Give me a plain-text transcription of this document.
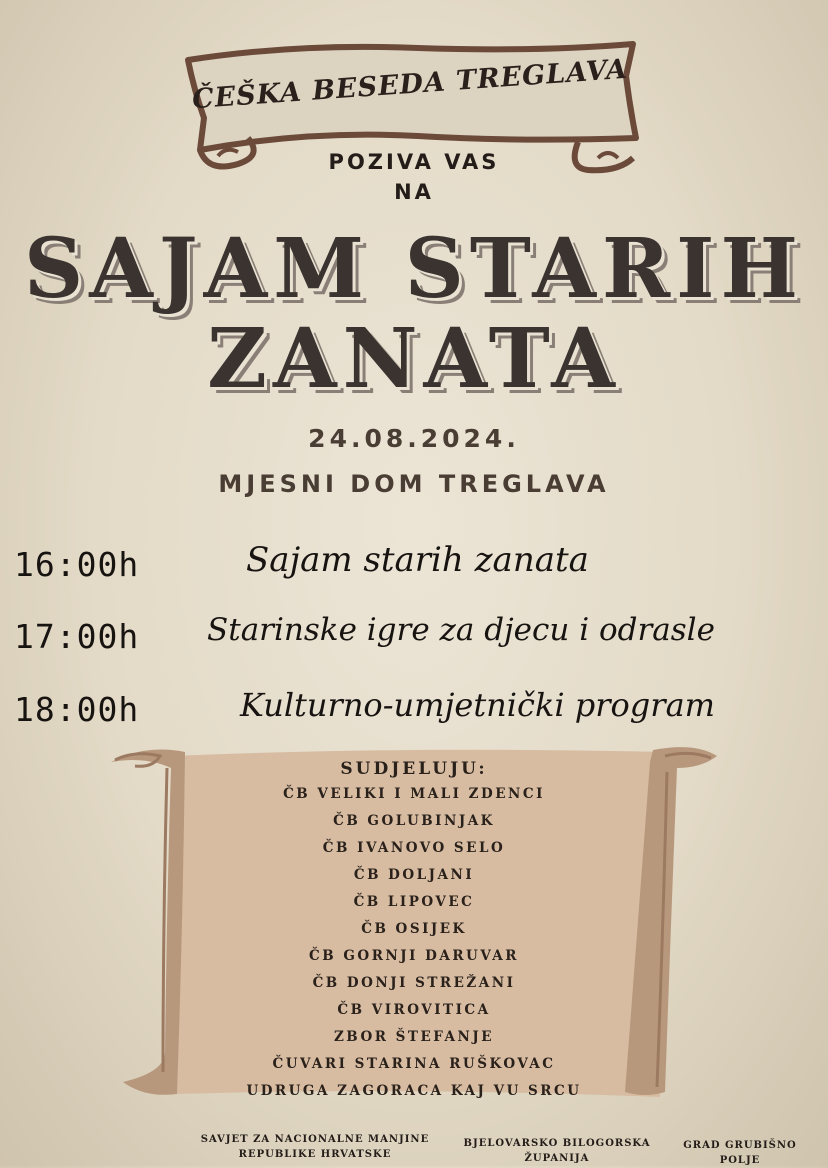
ČEŠKA BESEDA TREGLAVA
POZIVA VAS
NA
SAJAM STARIH
ZANATA
24.08.2024.
MJESNI DOM TREGLAVA
16:00h	Sajam starih zanata
17:00h Starinske igre za djecu i odrasle
18:00h	Kulturno-umjetnički program
SUDJELUJU:
ČB VELIKI I MALI ZDENCI
ČB GOLUBINJAK
ČB IVANOVO SELO
ČB DOLJANI
ČB LIPOVEC
ČB OSIJEK
ČB GORNJI DARUVAR
ČB DONJI STREŽANI
ČB VIROVITICA
ZBOR ŠTEFANJE
ČUVARI STARINA RUŠKOVAC
UDRUGA ZAGORACA KAJ VU SRCU
SAVJET ZA NACIONALNE MANJINE
REPUBLIKE HRVATSKE
BJELOVARSKO BILOGORSKA
ŽUPANIJA
GRAD GRUBIŠNO
POLJE
